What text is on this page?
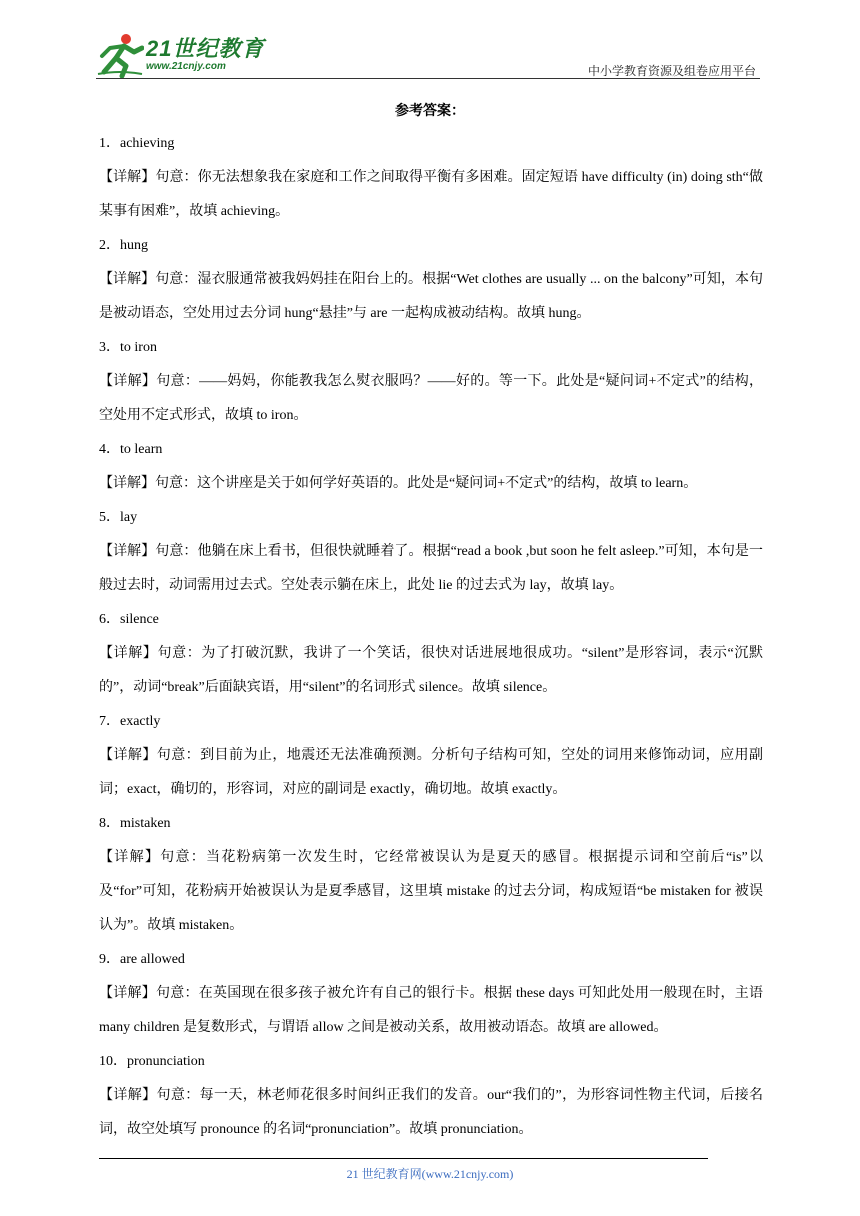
21世纪教育
www.21cnjy.com	中小学教育资源及组卷应用平台
参考答案：
1．achieving
【详解】句意：你无法想象我在家庭和工作之间取得平衡有多困难。固定短语 have difficulty (in) doing sth“做某事有困难”，故填 achieving。
2．hung
【详解】句意：湿衣服通常被我妈妈挂在阳台上的。根据“Wet clothes are usually ... on the balcony”可知，本句是被动语态，空处用过去分词 hung“悬挂”与 are 一起构成被动结构。故填 hung。
3．to iron
【详解】句意：——妈妈，你能教我怎么熨衣服吗？——好的。等一下。此处是“疑问词+不定式”的结构，空处用不定式形式，故填 to iron。
4．to learn
【详解】句意：这个讲座是关于如何学好英语的。此处是“疑问词+不定式”的结构，故填 to learn。
5．lay
【详解】句意：他躺在床上看书，但很快就睡着了。根据“read a book ,but soon he felt asleep.”可知，本句是一般过去时，动词需用过去式。空处表示躺在床上，此处 lie 的过去式为 lay，故填 lay。
6．silence
【详解】句意：为了打破沉默，我讲了一个笑话，很快对话进展地很成功。“silent”是形容词，表示“沉默的”，动词“break”后面缺宾语，用“silent”的名词形式 silence。故填 silence。
7．exactly
【详解】句意：到目前为止，地震还无法准确预测。分析句子结构可知，空处的词用来修饰动词，应用副词；exact，确切的，形容词，对应的副词是 exactly，确切地。故填 exactly。
8．mistaken
【详解】句意：当花粉病第一次发生时，它经常被误认为是夏天的感冒。根据提示词和空前后“is”以及“for”可知，花粉病开始被误认为是夏季感冒，这里填 mistake 的过去分词，构成短语“be mistaken for 被误认为”。故填 mistaken。
9．are allowed
【详解】句意：在英国现在很多孩子被允许有自己的银行卡。根据 these days 可知此处用一般现在时，主语 many children 是复数形式，与谓语 allow 之间是被动关系，故用被动语态。故填 are allowed。
10．pronunciation
【详解】句意：每一天，林老师花很多时间纠正我们的发音。our“我们的”，为形容词性物主代词，后接名词，故空处填写 pronounce 的名词“pronunciation”。故填 pronunciation。
21 世纪教育网(www.21cnjy.com)
